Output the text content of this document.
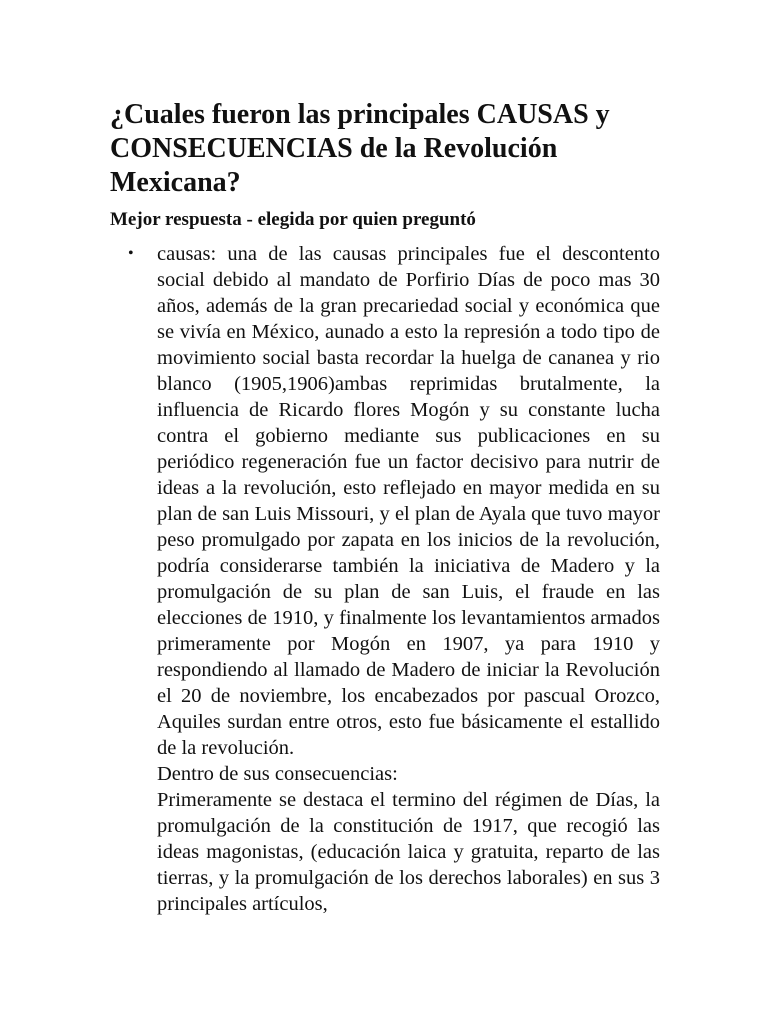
¿Cuales fueron las principales CAUSAS y CONSECUENCIAS de la Revolución Mexicana?
Mejor respuesta - elegida por quien preguntó

• causas: una de las causas principales fue el descontento social debido al mandato de Porfirio Días de poco mas 30 años, además de la gran precariedad social y económica que se vivía en México, aunado a esto la represión a todo tipo de movimiento social basta recordar la huelga de cananea y rio blanco (1905,1906)ambas reprimidas brutalmente, la influencia de Ricardo flores Mogón y su constante lucha contra el gobierno mediante sus publicaciones en su periódico regeneración fue un factor decisivo para nutrir de ideas a la revolución, esto reflejado en mayor medida en su plan de san Luis Missouri, y el plan de Ayala que tuvo mayor peso promulgado por zapata en los inicios de la revolución, podría considerarse también la iniciativa de Madero y la promulgación de su plan de san Luis, el fraude en las elecciones de 1910, y finalmente los levantamientos armados primeramente por Mogón en 1907, ya para 1910 y respondiendo al llamado de Madero de iniciar la Revolución el 20 de noviembre, los encabezados por pascual Orozco, Aquiles surdan entre otros, esto fue básicamente el estallido de la revolución.

Dentro de sus consecuencias:

Primeramente se destaca el termino del régimen de Días, la promulgación de la constitución de 1917, que recogió las ideas magonistas, (educación laica y gratuita, reparto de las tierras, y la promulgación de los derechos laborales) en sus 3 principales artículos,
